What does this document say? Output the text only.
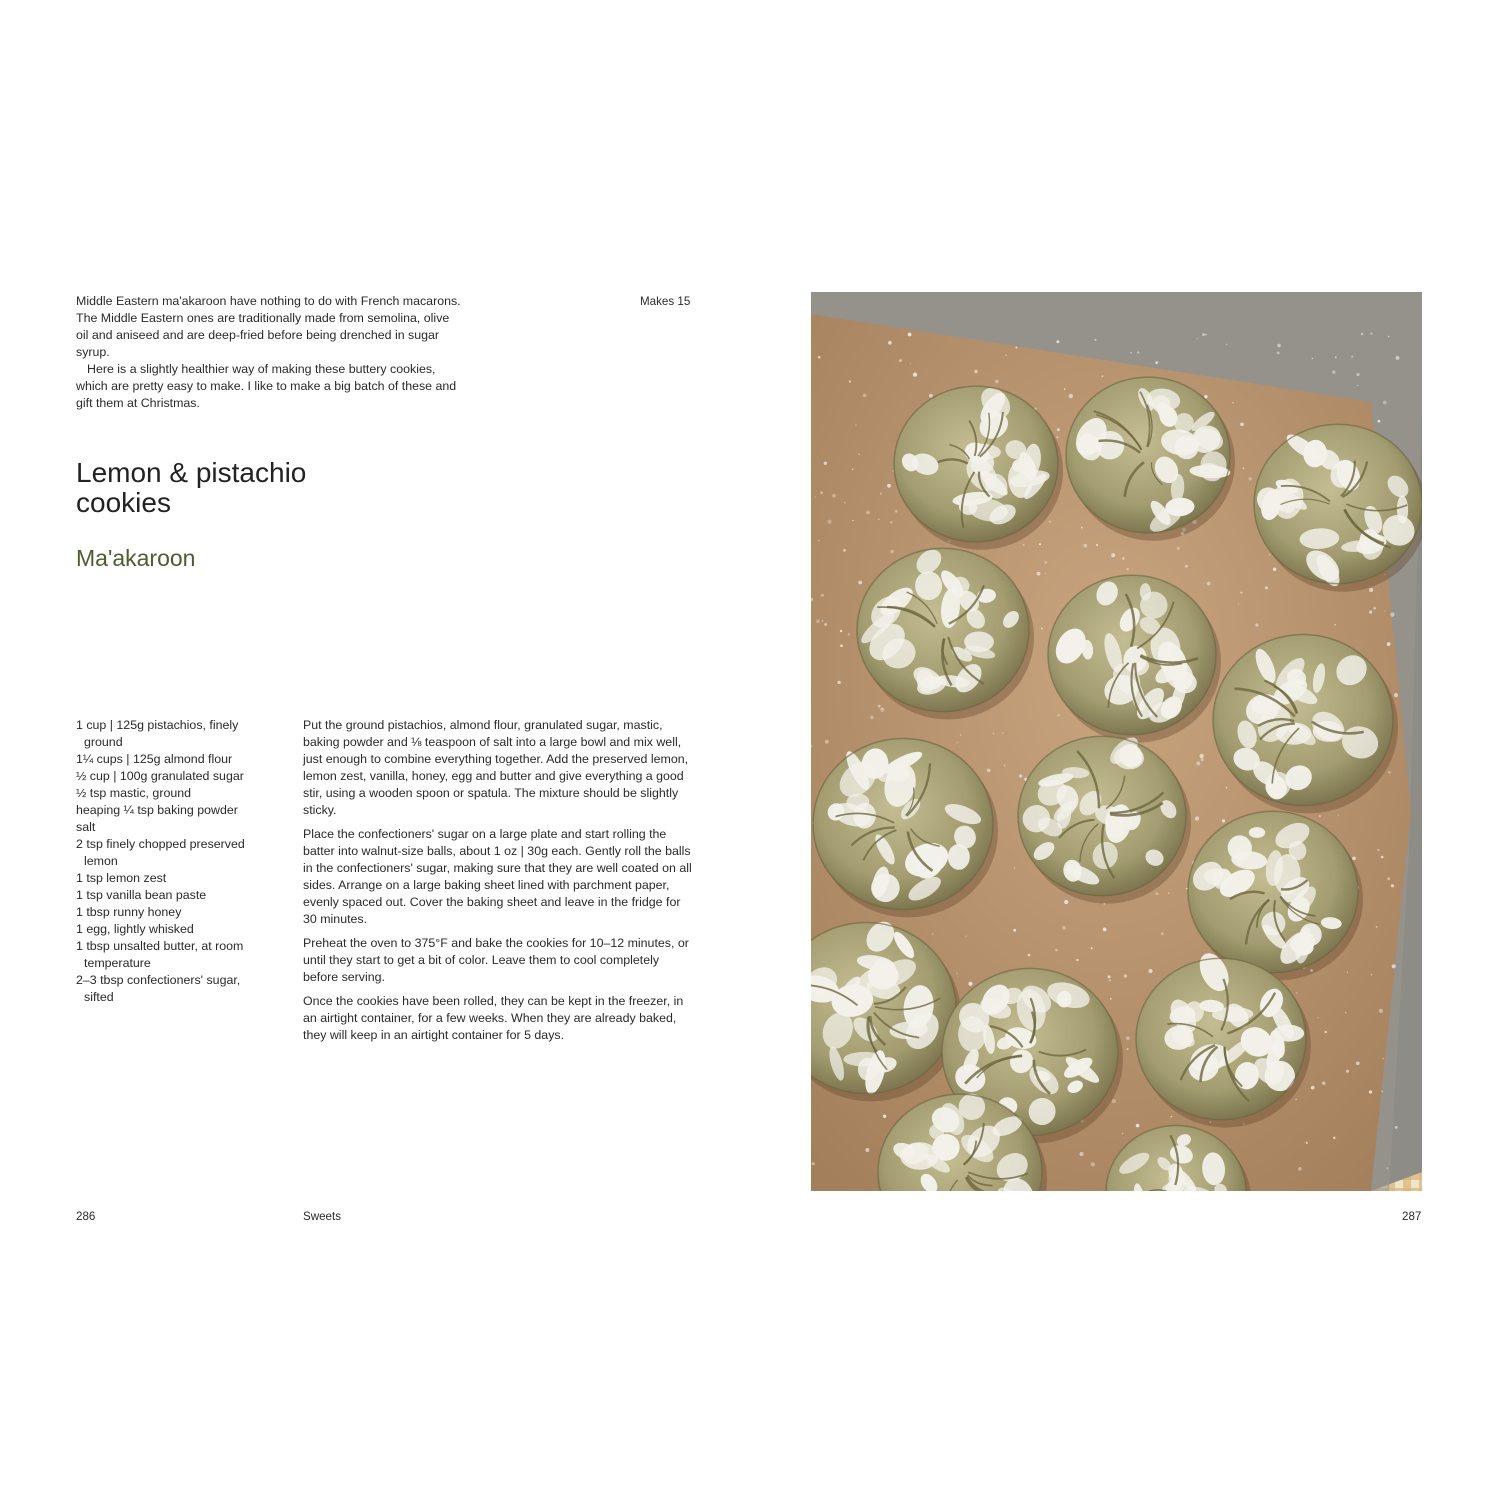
Middle Eastern ma'akaroon have nothing to do with French macarons. The Middle Eastern ones are traditionally made from semolina, olive oil and aniseed and are deep-fried before being drenched in sugar syrup.

Here is a slightly healthier way of making these buttery cookies, which are pretty easy to make. I like to make a big batch of these and gift them at Christmas.

Makes 15
Lemon & pistachio cookies
Ma'akaroon
1 cup | 125g pistachios, finely ground
1¼ cups | 125g almond flour
½ cup | 100g granulated sugar
½ tsp mastic, ground
heaping ¼ tsp baking powder
salt
2 tsp finely chopped preserved lemon
1 tsp lemon zest
1 tsp vanilla bean paste
1 tbsp runny honey
1 egg, lightly whisked
1 tbsp unsalted butter, at room temperature
2–3 tbsp confectioners' sugar, sifted

Put the ground pistachios, almond flour, granulated sugar, mastic, baking powder and ⅛ teaspoon of salt into a large bowl and mix well, just enough to combine everything together. Add the preserved lemon, lemon zest, vanilla, honey, egg and butter and give everything a good stir, using a wooden spoon or spatula. The mixture should be slightly sticky.

Place the confectioners' sugar on a large plate and start rolling the batter into walnut-size balls, about 1 oz | 30g each. Gently roll the balls in the confectioners' sugar, making sure that they are well coated on all sides. Arrange on a large baking sheet lined with parchment paper, evenly spaced out. Cover the baking sheet and leave in the fridge for 30 minutes.

Preheat the oven to 375°F and bake the cookies for 10–12 minutes, or until they start to get a bit of color. Leave them to cool completely before serving.

Once the cookies have been rolled, they can be kept in the freezer, in an airtight container, for a few weeks. When they are already baked, they will keep in an airtight container for 5 days.

286	Sweets	287
